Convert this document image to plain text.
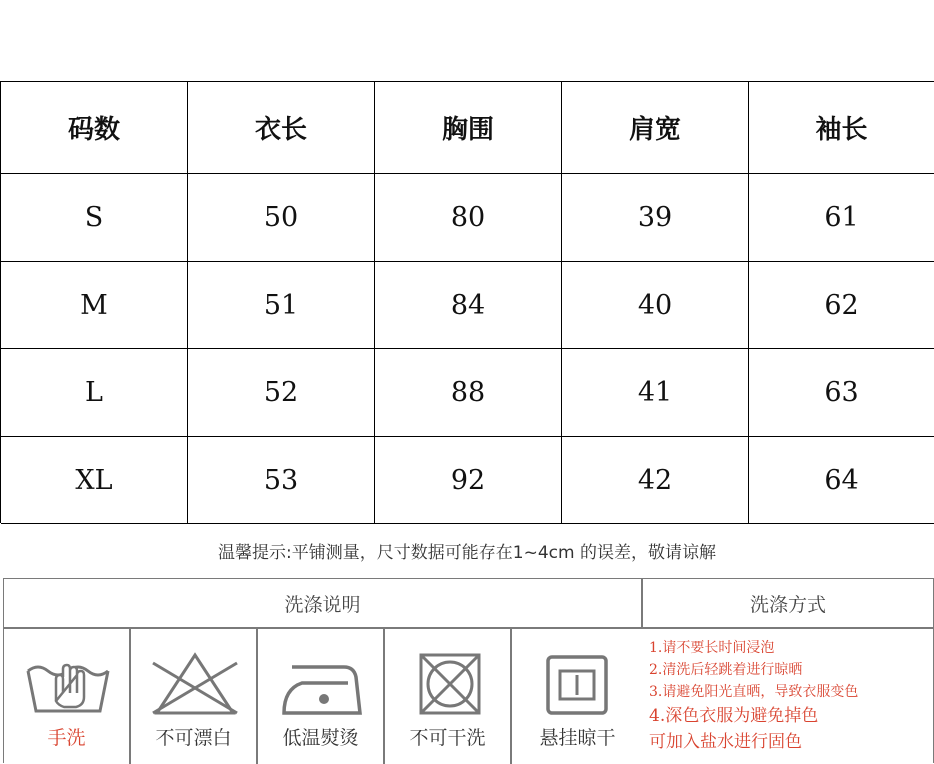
码数	衣长	胸围	肩宽	袖长
S	50	80	39	61
M	51	84	40	62
L	52	88	41	63
XL	53	92	42	64
温馨提示:平铺测量，尺寸数据可能存在1~4cm 的误差，敬请谅解
洗涤说明	洗涤方式
手洗	不可漂白	低温熨烫	不可干洗	悬挂晾干
1.请不要长时间浸泡
2.清洗后轻跳着进行晾晒
3.请避免阳光直晒，导致衣服变色
4.深色衣服为避免掉色
可加入盐水进行固色
